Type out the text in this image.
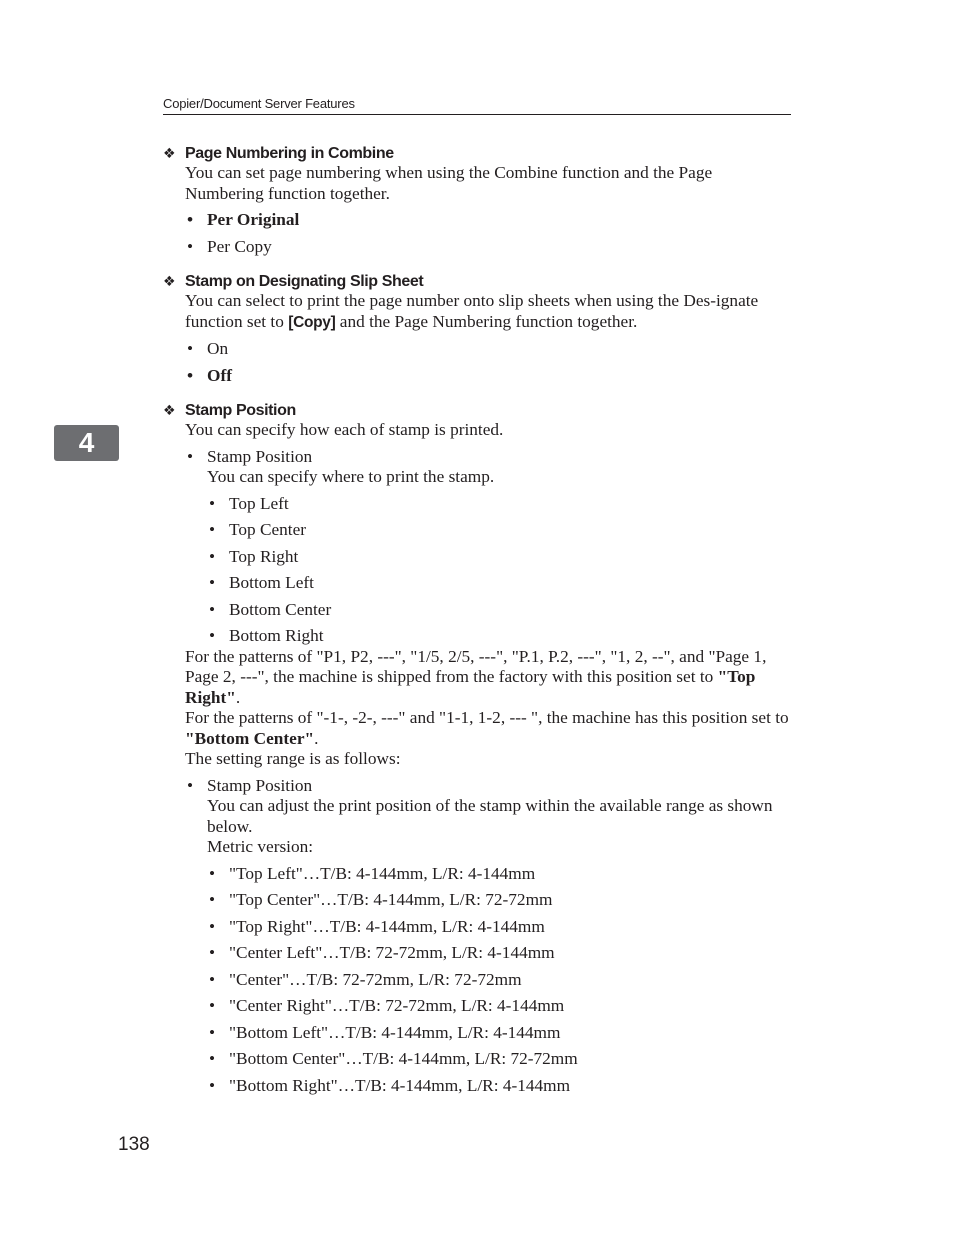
Copier/Document Server Features
4
❖ Page Numbering in Combine

You can set page numbering when using the Combine function and the Page Numbering function together.

• Per Original
• Per Copy
❖ Stamp on Designating Slip Sheet

You can select to print the page number onto slip sheets when using the Des-ignate function set to [Copy] and the Page Numbering function together.

• On
• Off
❖ Stamp Position

You can specify how each of stamp is printed.

• Stamp Position
You can specify where to print the stamp.
• Top Left
• Top Center
• Top Right
• Bottom Left
• Bottom Center
• Bottom Right

For the patterns of "P1, P2, ---", "1/5, 2/5, ---", "P.1, P.2, ---", "1, 2, --", and "Page 1, Page 2, ---", the machine is shipped from the factory with this position set to "Top Right".

For the patterns of "-1-, -2-, ---" and "1-1, 1-2, --- ", the machine has this position set to "Bottom Center".

The setting range is as follows:

• Stamp Position
You can adjust the print position of the stamp within the available range as shown below.
Metric version:
• "Top Left"…T/B: 4-144mm, L/R: 4-144mm
• "Top Center"…T/B: 4-144mm, L/R: 72-72mm
• "Top Right"…T/B: 4-144mm, L/R: 4-144mm
• "Center Left"…T/B: 72-72mm, L/R: 4-144mm
• "Center"…T/B: 72-72mm, L/R: 72-72mm
• "Center Right"…T/B: 72-72mm, L/R: 4-144mm
• "Bottom Left"…T/B: 4-144mm, L/R: 4-144mm
• "Bottom Center"…T/B: 4-144mm, L/R: 72-72mm
• "Bottom Right"…T/B: 4-144mm, L/R: 4-144mm
138
